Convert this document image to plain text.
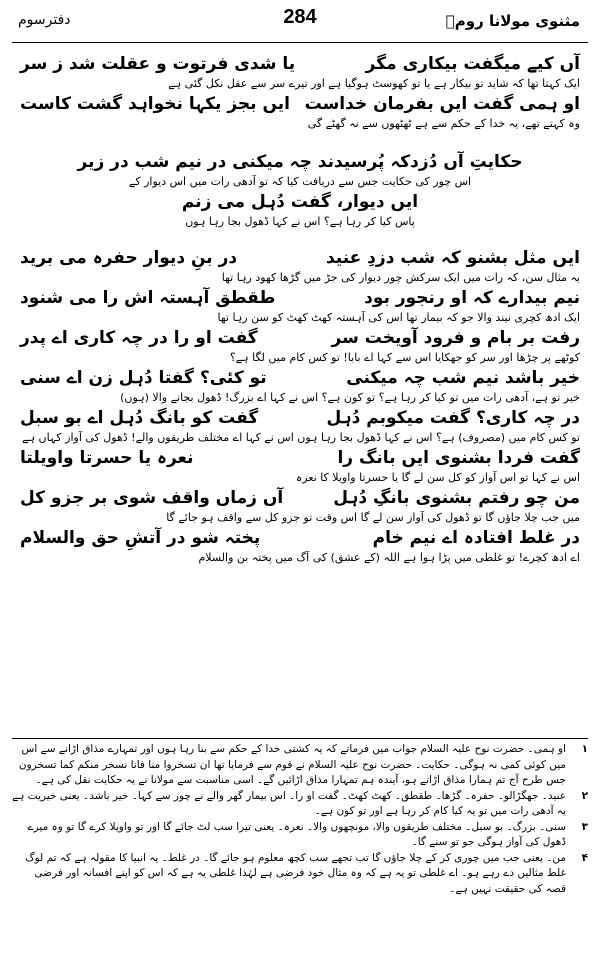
مثنوی مولانا رومؒ
284
دفترسوم
آں کیے میگفت بیکاری مگر
یا شدی فرتوت و عقلت شد ز سر
ایک کہتا تھا کہ شاید تو بیکار ہے یا تو کھوسٹ ہوگیا ہے اور تیرے سر سے عقل نکل گئی ہے
او ہمی گفت ایں بفرمان خداست
ایں بجز یکہا نخواہد گشت کاست
وہ کہتے تھے، یہ خدا کے حکم سے ہے ٹھٹھوں سے نہ گھٹے گی
حکایتِ آں دُزدکہ پُرسیدند چہ میکنی در نیم شب در زیر
اس چور کی حکایت جس سے دریافت کیا کہ تو آدھی رات میں اس دیوار کے
ایں دیوار، گفت دُہل می زنم
پاس کیا کر رہا ہے؟ اس نے کہا ڈھول بجا رہا ہوں
ایں مثل بشنو کہ شب دزدِ عنید
در بنِ دیوار حفرہ می برید
یہ مثال سن، کہ رات میں ایک سرکش چور دیوار کی جڑ میں گڑھا کھود رہا تھا
نیم بیدارے کہ او رنجور بود
طقطق آہستہ اش را می شنود
ایک ادھ کچری نیند والا جو کہ بیمار تھا اس کی آہستہ کھٹ کھٹ کو سن رہا تھا
رفت بر بام و فرود آویخت سر
گفت او را در چہ کاری اے پدر
کوٹھے پر چڑھا اور سر کو جھکایا اس سے کہا اے بابا! تو کس کام میں لگا ہے؟
خیر باشد نیم شب چہ میکنی
تو کئی؟ گفتا دُہل زن اے سنی
خیر تو ہے، آدھی رات میں تو کیا کر رہا ہے؟ تو کون ہے؟ اس نے کہا اے بزرگ! ڈھول بجانے والا (ہوں)
در چہ کاری؟ گفت میکوبم دُہل
گفت کو بانگ دُہل اے بو سبل
تو کس کام میں (مصروف) ہے؟ اس نے کہا ڈھول بجا رہا ہوں اس نے کہا اے مختلف طریقوں والے! ڈھول کی آواز کہاں ہے
گفت فردا بشنوی ایں بانگ را
نعرہ یا حسرتا واویلتا
اس نے کہا تو اس آواز کو کل سن لے گا یا حسرتا واویلا کا نعرہ
من چو رفتم بشنوی بانگِ دُہل
آں زماں واقف شوی بر جزو کل
میں جب چلا جاؤں گا تو ڈھول کی آواز سن لے گا اس وقت تو جزو کل سے واقف ہو جائے گا
در غلط افتادہ اے نیم خام
پختہ شو در آتشِ حق والسلام
اے ادھ کچرے! تو غلطی میں پڑا ہوا ہے اللہ (کے عشق) کی آگ میں پختہ بن والسلام
۱
او ہمی۔ حضرت نوح علیہ السلام جواب میں فرماتے کہ یہ کشتی خدا کے حکم سے بنا رہا ہوں اور تمہارے مذاق اڑانے سے اس میں کوئی کمی نہ ہوگی۔ حکایت۔ حضرت نوح علیہ السلام نے قوم سے فرمایا تھا ان تسخروا منا فانا نسخر منکم کما تسخرون جس طرح آج تم ہمارا مذاق اڑاتے ہو، آیندہ ہم تمہارا مذاق اڑائیں گے۔ اسی مناسبت سے مولانا نے یہ حکایت نقل کی ہے۔
۲
عنید۔ جھگڑالو۔ حفرہ۔ گڑھا۔ طقطق۔ کھٹ کھٹ۔ گفت او را۔ اس بیمار گھر والے نے چور سے کہا۔ خیر باشد۔ یعنی خیریت ہے یہ آدھی رات میں تو یہ کیا کام کر رہا ہے اور تو کون ہے۔
۳
سنی۔ بزرگ۔ بو سبل۔ مختلف طریقوں والا، مونچھوں والا۔ نعرہ۔ یعنی تیرا سب لٹ جائے گا اور تو واویلا کرے گا تو وہ میرے ڈھول کی آواز ہوگی جو تو سنے گا۔
۴
من۔ یعنی جب میں چوری کر کے چلا جاؤں گا تب تجھے سب کچھ معلوم ہو جائے گا۔ در غلط۔ یہ انبیا کا مقولہ ہے کہ تم لوگ غلط مثالیں دے رہے ہو۔ اے غلطی تو یہ ہے کہ وہ مثال خود فرضی ہے لہٰذا غلطی یہ ہے کہ اس کو اپنے افسانہ اور فرضی قصہ کی حقیقت نہیں ہے۔
